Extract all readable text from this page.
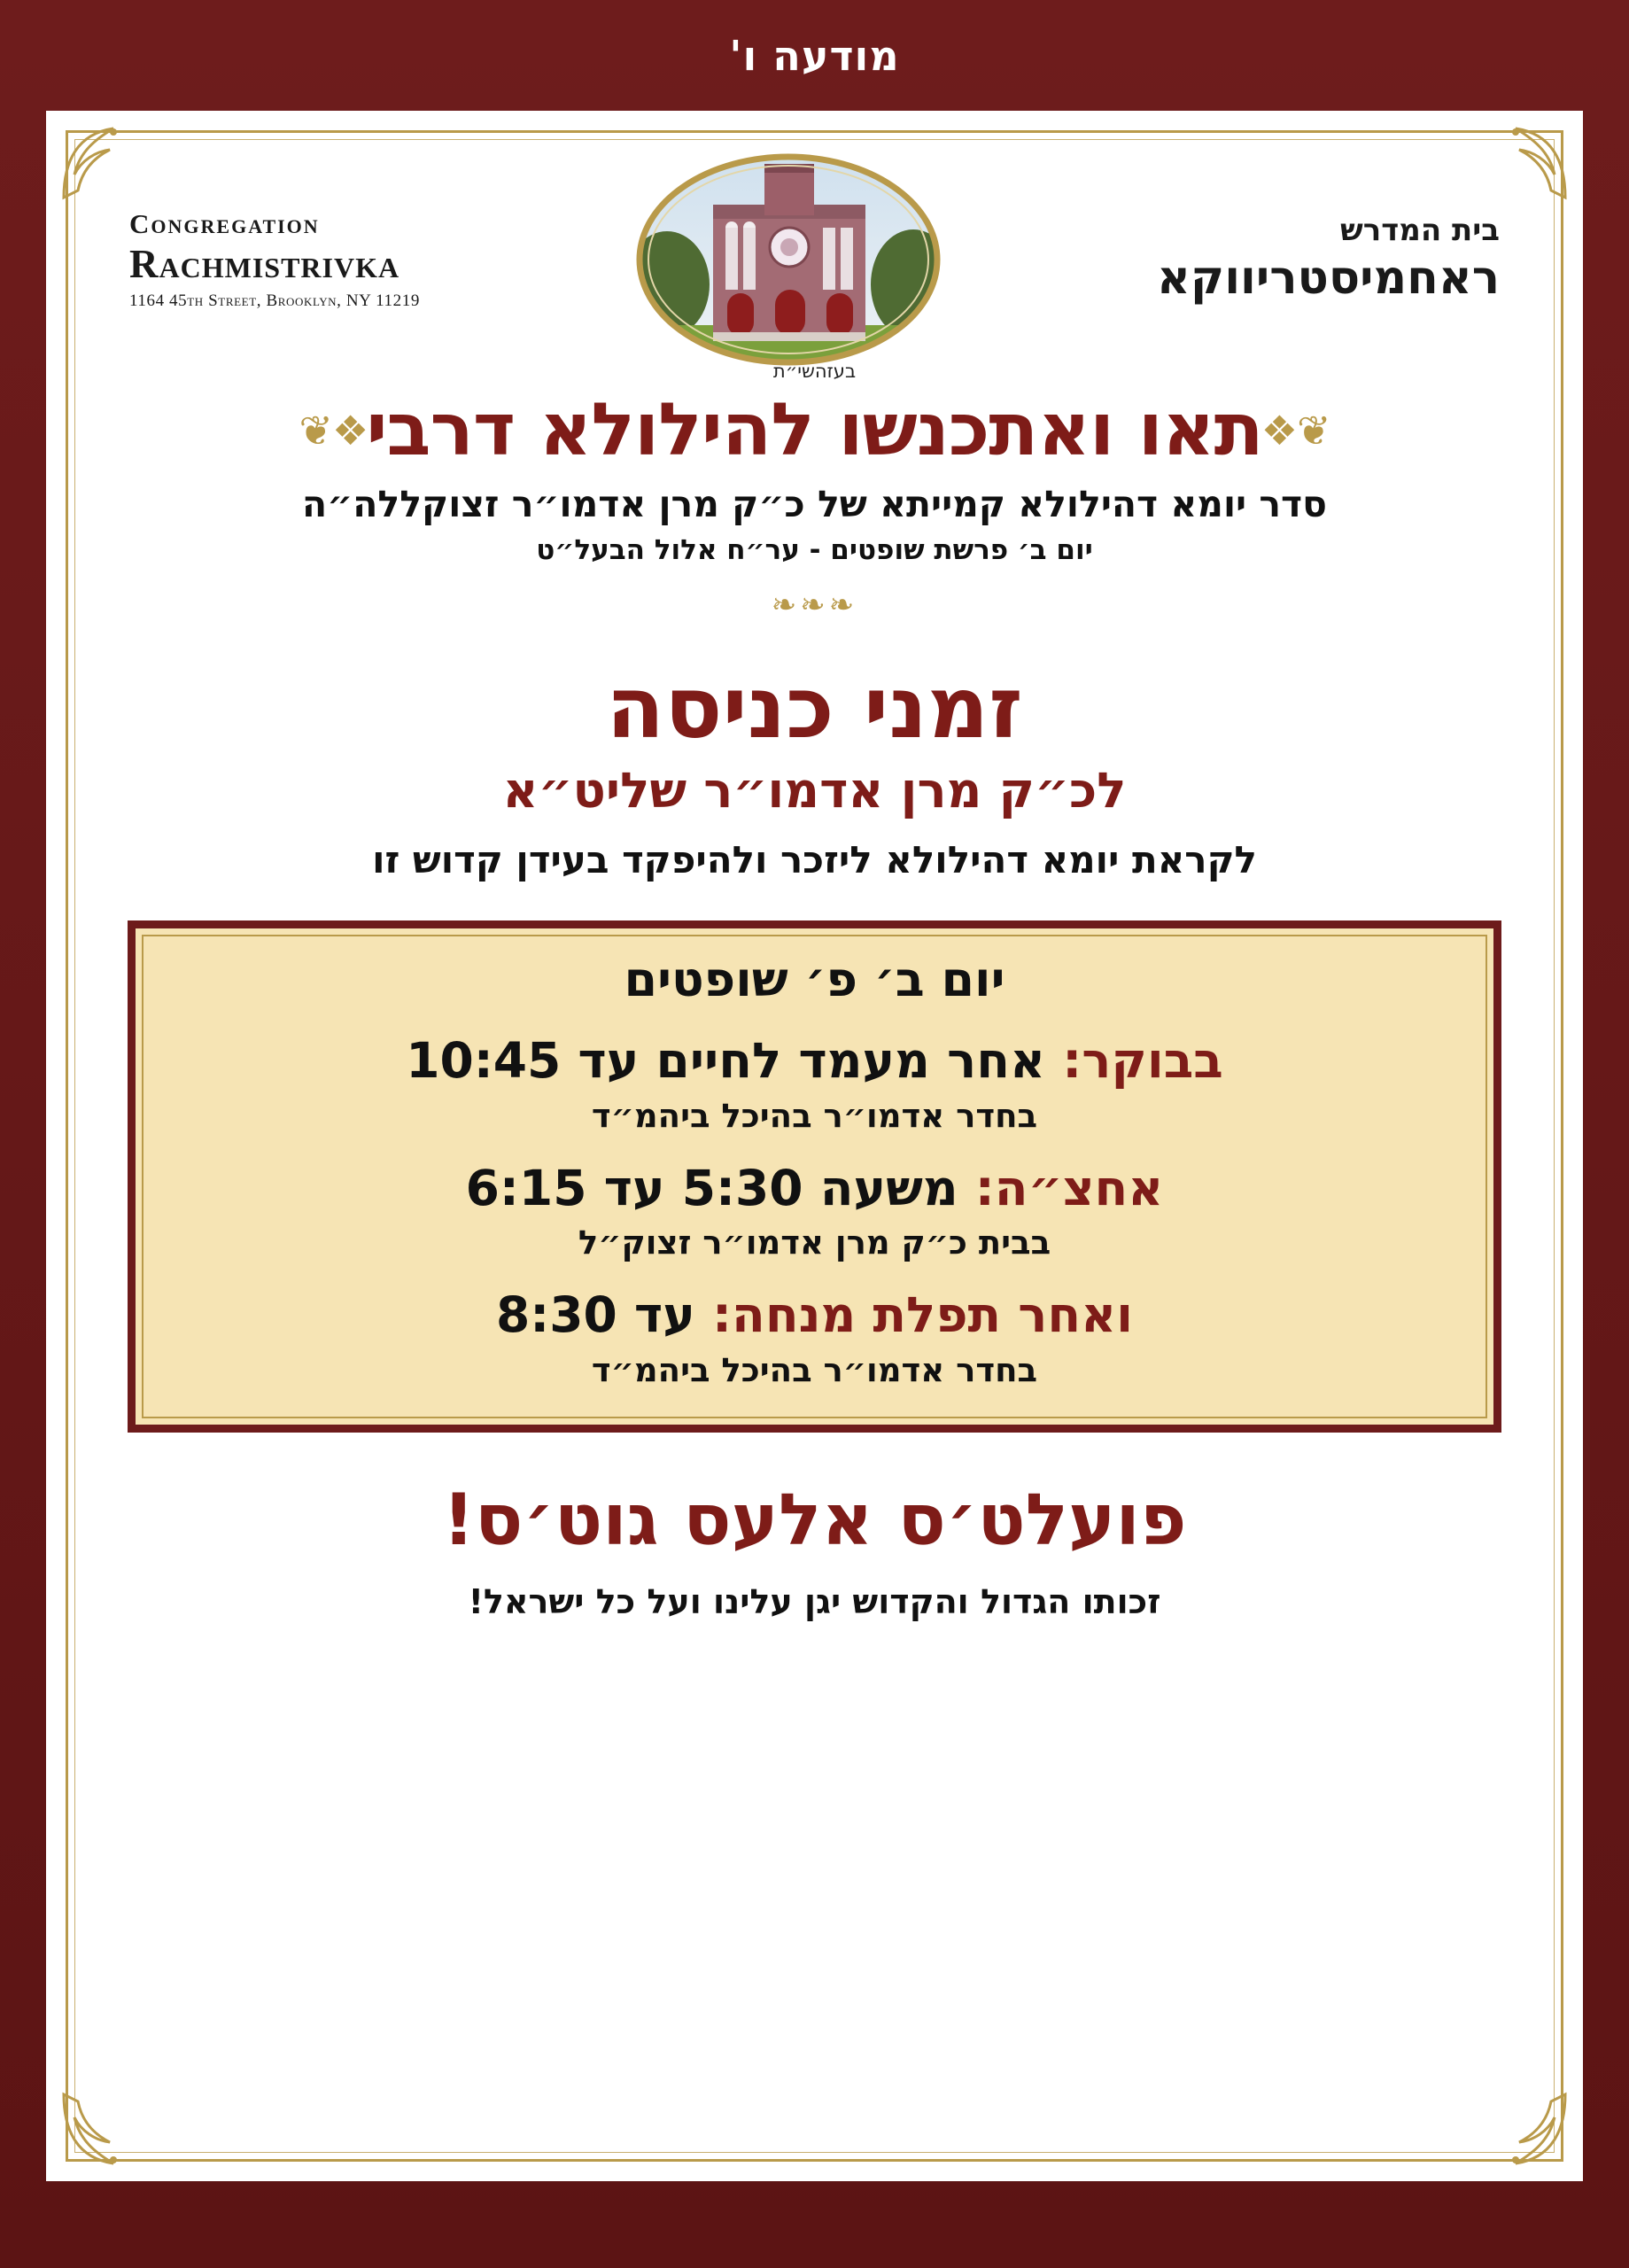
מודעה ו'
בית המדרש
ראחמיסטריווקא
Congregation
Rachmistrivka
1164 45th Street, Brooklyn, NY 11219
בעזהשי״ת
❖❦
תאו ואתכנשו להילולא דרבי
❦❖
סדר יומא דהילולא קמייתא של כ״ק מרן אדמו״ר זצוקללה״ה
יום ב׳ פרשת שופטים - ער״ח אלול הבעל״ט
❧❧❧
זמני כניסה
לכ״ק מרן אדמו״ר שליט״א
לקראת יומא דהילולא ליזכר ולהיפקד בעידן קדוש זו
יום ב׳ פ׳ שופטים
בבוקר: אחר מעמד לחיים עד 10:45
בחדר אדמו״ר בהיכל ביהמ״ד
אחצ״ה: משעה 5:30 עד 6:15
בבית כ״ק מרן אדמו״ר זצוק״ל
ואחר תפלת מנחה: עד 8:30
בחדר אדמו״ר בהיכל ביהמ״ד
פועלט׳ס אלעס גוט׳ס!
זכותו הגדול והקדוש יגן עלינו ועל כל ישראל!
